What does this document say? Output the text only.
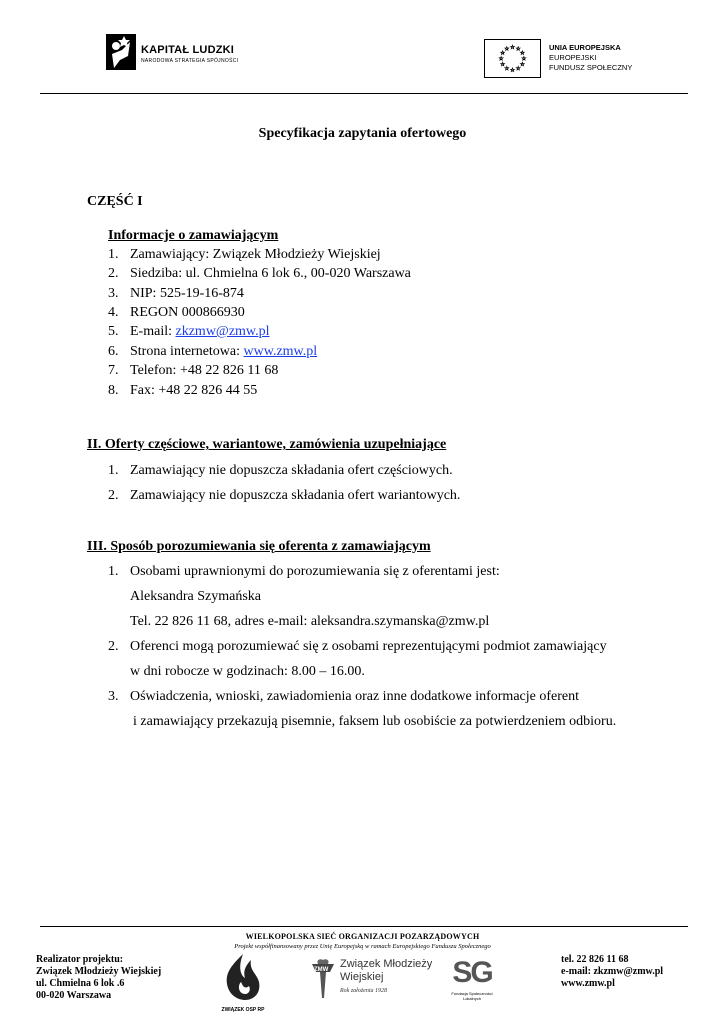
KAPITAŁ LUDZKI
NARODOWA STRATEGIA SPÓJNOŚCI
UNIA EUROPEJSKA
EUROPEJSKI
FUNDUSZ SPOŁECZNY
Specyfikacja zapytania ofertowego
CZĘŚĆ I
Informacje o zamawiającym
1. Zamawiający: Związek Młodzieży Wiejskiej
2. Siedziba: ul. Chmielna 6 lok 6., 00-020 Warszawa
3. NIP: 525-19-16-874
4. REGON 000866930
5. E-mail: zkzmw@zmw.pl
6. Strona internetowa: www.zmw.pl
7. Telefon: +48 22 826 11 68
8. Fax: +48 22 826 44 55
II. Oferty częściowe, wariantowe, zamówienia uzupełniające
1. Zamawiający nie dopuszcza składania ofert częściowych.
2. Zamawiający nie dopuszcza składania ofert wariantowych.
III. Sposób porozumiewania się oferenta z zamawiającym
1. Osobami uprawnionymi do porozumiewania się z oferentami jest:
Aleksandra Szymańska
Tel. 22 826 11 68, adres e-mail: aleksandra.szymanska@zmw.pl
2. Oferenci mogą porozumiewać się z osobami reprezentującymi podmiot zamawiający
w dni robocze w godzinach: 8.00 – 16.00.
3. Oświadczenia, wnioski, zawiadomienia oraz inne dodatkowe informacje oferent
i zamawiający przekazują pisemnie, faksem lub osobiście za potwierdzeniem odbioru.
WIELKOPOLSKA SIEĆ ORGANIZACJI POZARZĄDOWYCH
Projekt współfinansowany przez Unię Europejską w ramach Europejskiego Funduszu Społecznego
Realizator projektu:
Związek Młodzieży Wiejskiej
ul. Chmielna 6 lok .6
00-020 Warszawa
tel. 22 826 11 68
e-mail: zkzmw@zmw.pl
www.zmw.pl
ZWIĄZEK OSP RP
ZMW Związek Młodzieży
Wiejskiej
Rok założenia 1928
SG
Fundacja Społeczności Lokalnych
